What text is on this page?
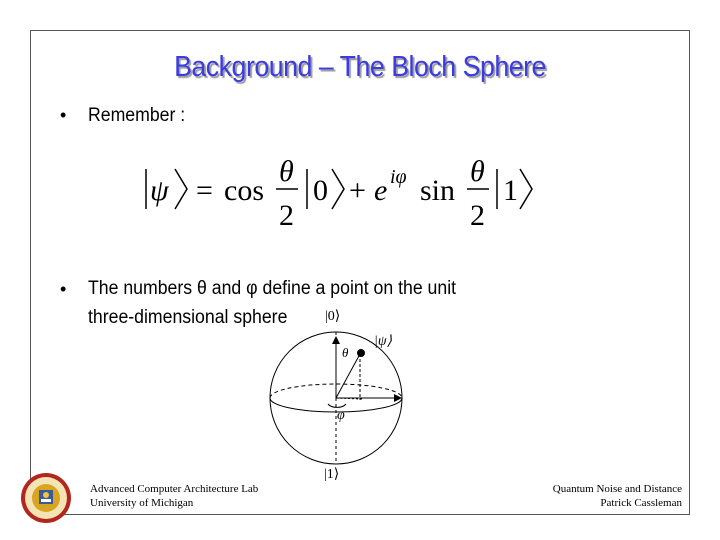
Background – The Bloch Sphere
• Remember :
ψ = cos
θ
2
0 + e iφ sin
θ
2
1
• The numbers θ and φ define a point on the unit
three-dimensional sphere	|0⟩
|ψ⟩
θ
φ
|1⟩
Advanced Computer Architecture Lab
University of Michigan
Quantum Noise and Distance
Patrick Cassleman
